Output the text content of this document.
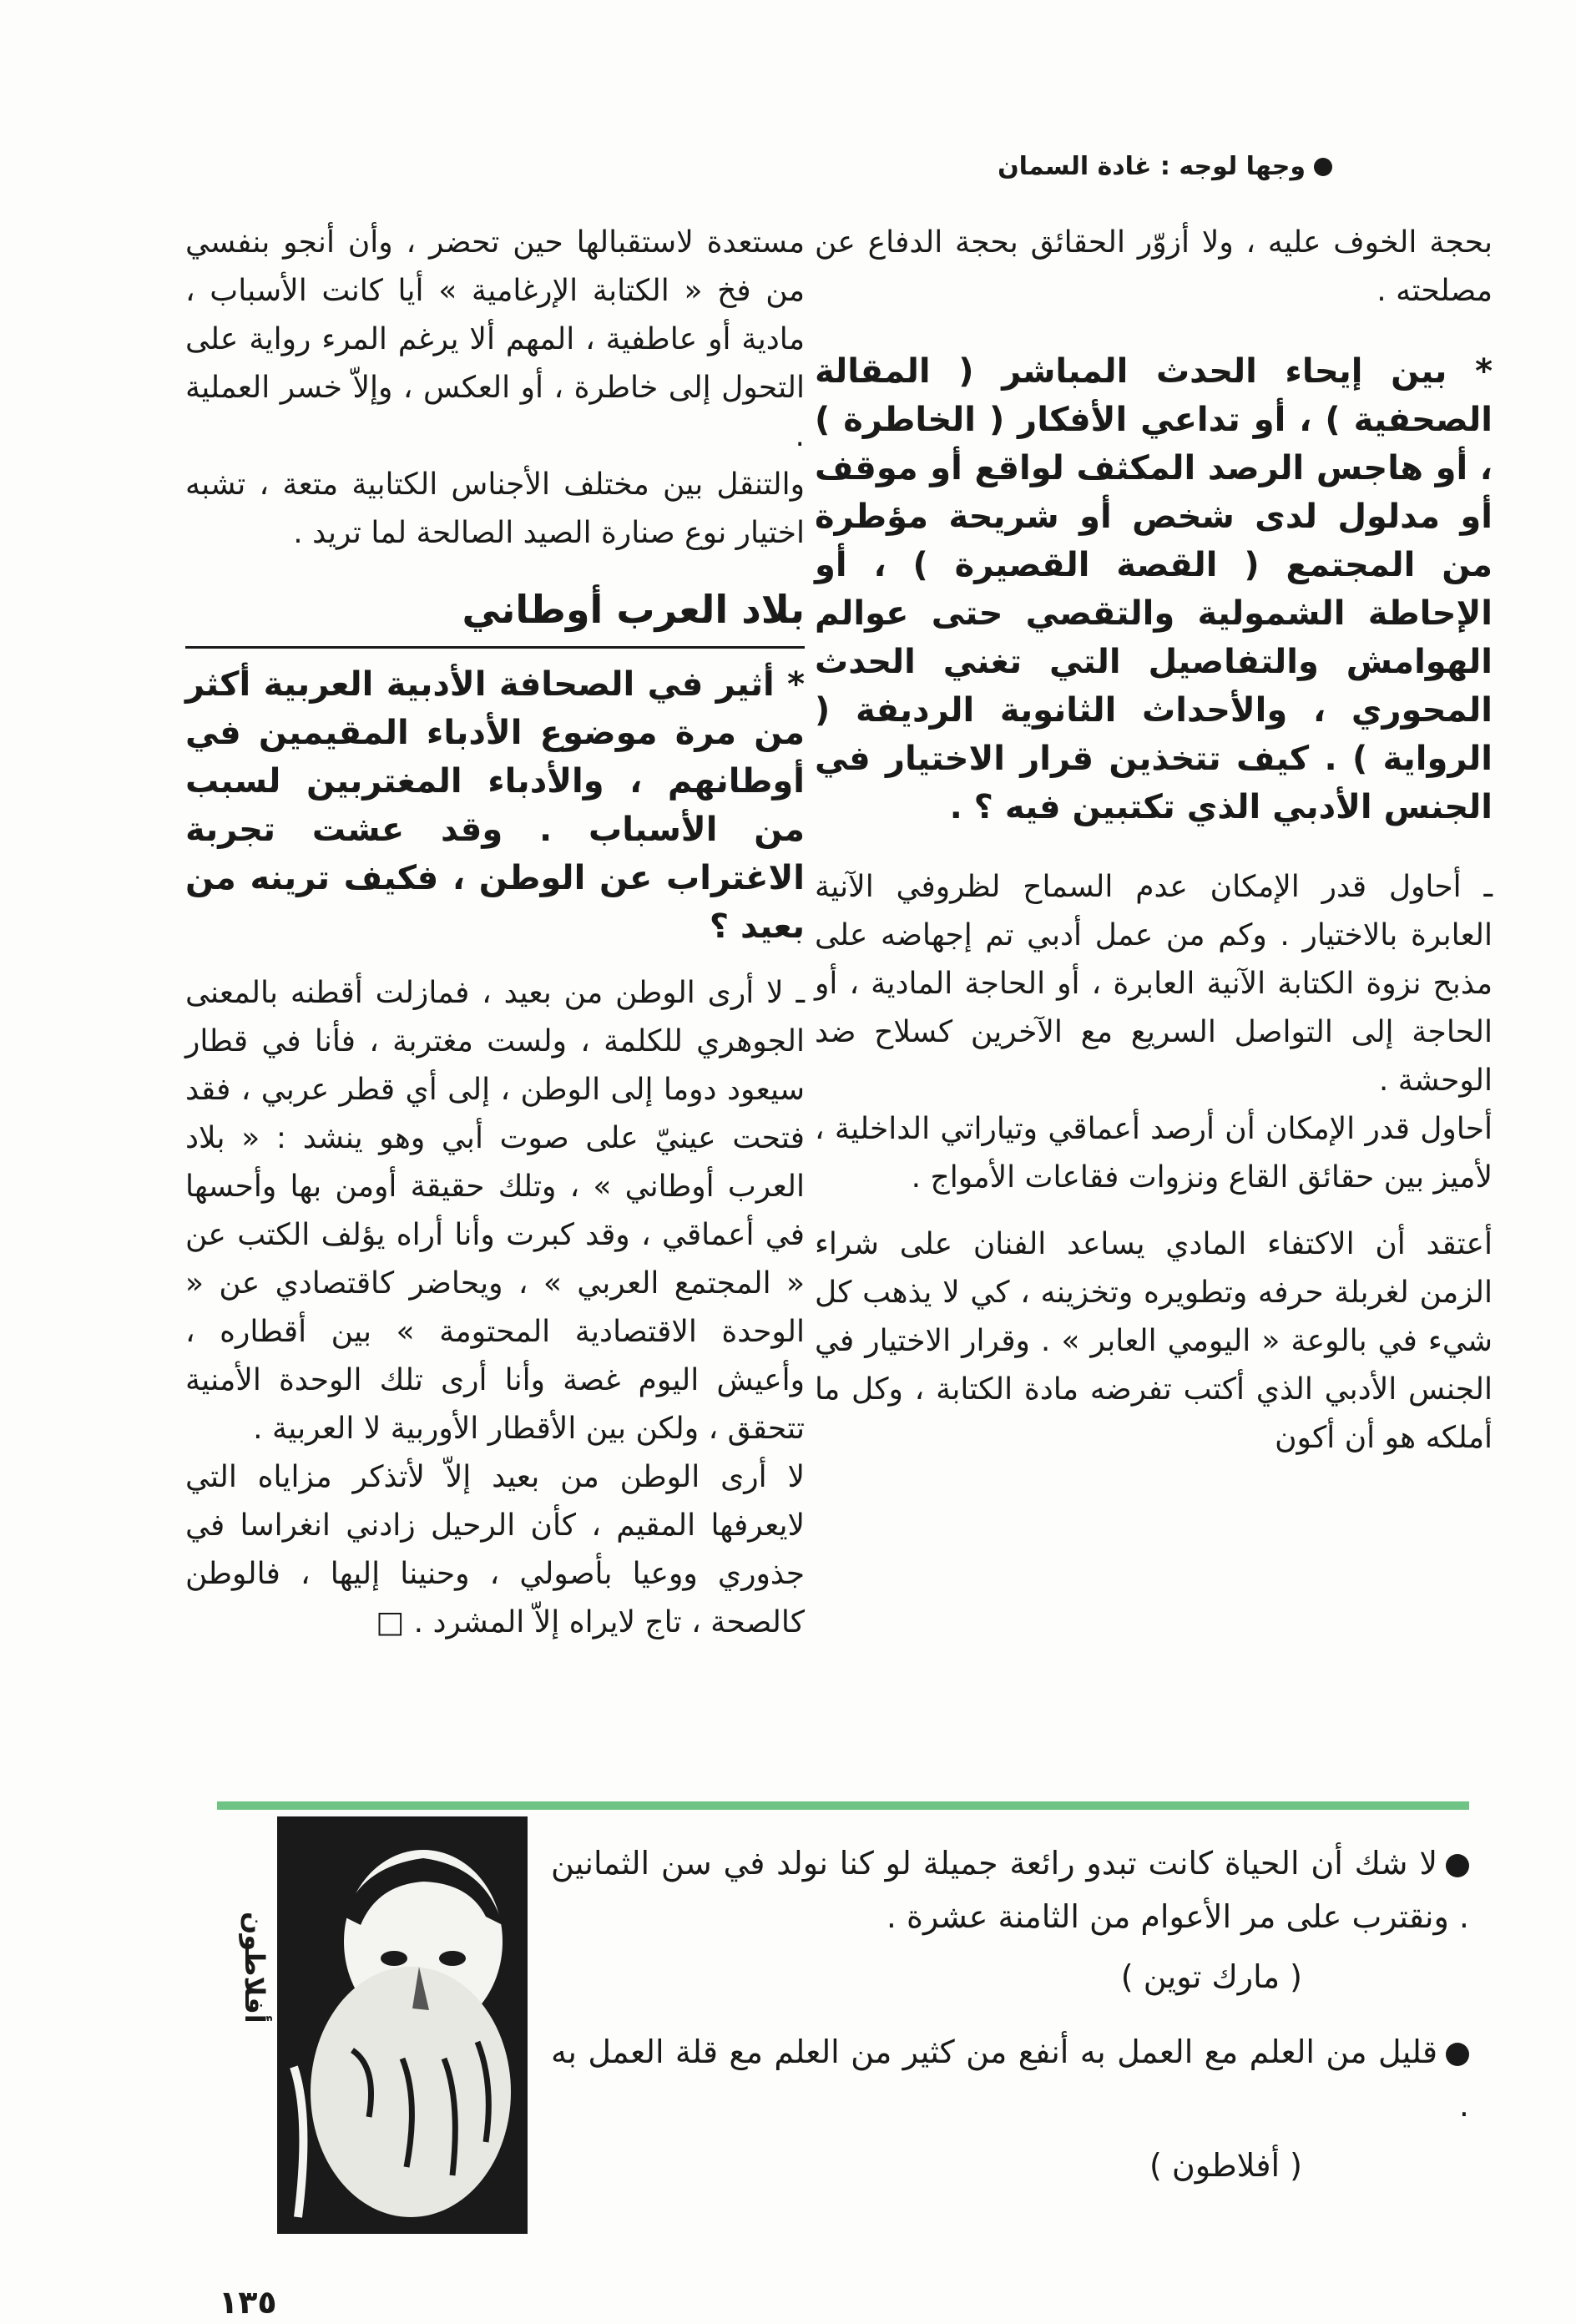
وجها لوجه : غادة السمان

بحجة الخوف عليه ، ولا أزوّر الحقائق بحجة الدفاع عن مصلحته .

* بين إيحاء الحدث المباشر ( المقالة الصحفية ) ، أو تداعي الأفكار ( الخاطرة ) ، أو هاجس الرصد المكثف لواقع أو موقف أو مدلول لدى شخص أو شريحة مؤطرة من المجتمع ( القصة القصيرة ) ، أو الإحاطة الشمولية والتقصي حتى عوالم الهوامش والتفاصيل التي تغني الحدث المحوري ، والأحداث الثانوية الرديفة ( الرواية ) . كيف تتخذين قرار الاختيار في الجنس الأدبي الذي تكتبين فيه ؟ .

ـ أحاول قدر الإمكان عدم السماح لظروفي الآنية العابرة بالاختيار . وكم من عمل أدبي تم إجهاضه على مذبح نزوة الكتابة الآنية العابرة ، أو الحاجة المادية ، أو الحاجة إلى التواصل السريع مع الآخرين كسلاح ضد الوحشة .

أحاول قدر الإمكان أن أرصد أعماقي وتياراتي الداخلية ، لأميز بين حقائق القاع ونزوات فقاعات الأمواج .

أعتقد أن الاكتفاء المادي يساعد الفنان على شراء الزمن لغربلة حرفه وتطويره وتخزينه ، كي لا يذهب كل شيء في بالوعة « اليومي العابر » . وقرار الاختيار في الجنس الأدبي الذي أكتب تفرضه مادة الكتابة ، وكل ما أملكه هو أن أكون

مستعدة لاستقبالها حين تحضر ، وأن أنجو بنفسي من فخ « الكتابة الإرغامية » أيا كانت الأسباب ، مادية أو عاطفية ، المهم ألا يرغم المرء رواية على التحول إلى خاطرة ، أو العكس ، وإلاّ خسر العملية .

والتنقل بين مختلف الأجناس الكتابية متعة ، تشبه اختيار نوع صنارة الصيد الصالحة لما تريد .

بلاد العرب أوطاني

* أثير في الصحافة الأدبية العربية أكثر من مرة موضوع الأدباء المقيمين في أوطانهم ، والأدباء المغتربين لسبب من الأسباب . وقد عشت تجربة الاغتراب عن الوطن ، فكيف ترينه من بعيد ؟

ـ لا أرى الوطن من بعيد ، فمازلت أقطنه بالمعنى الجوهري للكلمة ، ولست مغتربة ، فأنا في قطار سيعود دوما إلى الوطن ، إلى أي قطر عربي ، فقد فتحت عينيّ على صوت أبي وهو ينشد : « بلاد العرب أوطاني » ، وتلك حقيقة أومن بها وأحسها في أعماقي ، وقد كبرت وأنا أراه يؤلف الكتب عن « المجتمع العربي » ، ويحاضر كاقتصادي عن « الوحدة الاقتصادية المحتومة » بين أقطاره ، وأعيش اليوم غصة وأنا أرى تلك الوحدة الأمنية تتحقق ، ولكن بين الأقطار الأوربية لا العربية .

لا أرى الوطن من بعيد إلاّ لأتذكر مزاياه التي لايعرفها المقيم ، كأن الرحيل زادني انغراسا في جذوري ووعيا بأصولي ، وحنينا إليها ، فالوطن كالصحة ، تاج لايراه إلاّ المشرد . □

أفلاطون

لا شك أن الحياة كانت تبدو رائعة جميلة لو كنا نولد في سن الثمانين . ونقترب على مر الأعوام من الثامنة عشرة .

( مارك توين )

قليل من العلم مع العمل به أنفع من كثير من العلم مع قلة العمل به .

( أفلاطون )
١٣٥
